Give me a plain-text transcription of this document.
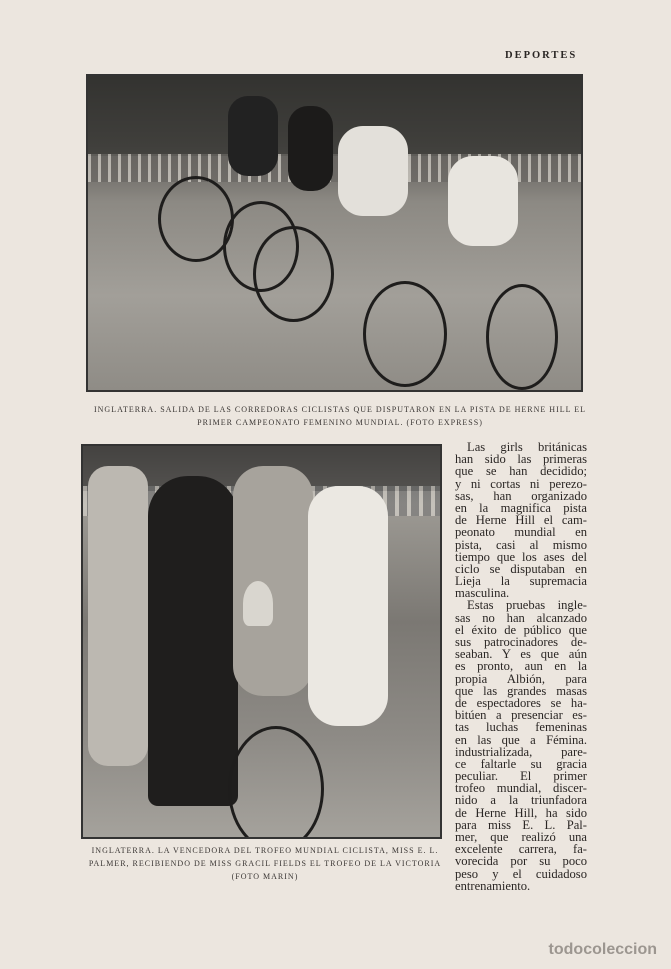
DEPORTES
INGLATERRA. SALIDA DE LAS CORREDORAS CICLISTAS QUE DISPUTARON EN LA PISTA DE HERNE HILL EL PRIMER CAMPEONATO FEMENINO MUNDIAL. (FOTO EXPRESS)
INGLATERRA. LA VENCEDORA DEL TROFEO MUNDIAL CICLISTA, MISS E. L.
PALMER, RECIBIENDO DE MISS GRACIL FIELDS EL TROFEO DE LA VICTORIA
(FOTO MARIN)
Las girls británicas
han sido las primeras
que se han decidido;
y ni cortas ni perezo-
sas, han organizado
en la magnifica pista
de Herne Hill el cam-
peonato mundial en
pista, casi al mismo
tiempo que los ases del
ciclo se disputaban en
Lieja la supremacia
masculina.
Estas pruebas ingle-
sas no han alcanzado
el éxito de público que
sus patrocinadores de-
seaban. Y es que aún
es pronto, aun en la
propia Albión, para
que las grandes masas
de espectadores se ha-
bitúen a presenciar es-
tas luchas femeninas
en las que a Fémina.
industrializada, pare-
ce faltarle su gracia
peculiar. El primer
trofeo mundial, discer-
nido a la triunfadora
de Herne Hill, ha sido
para miss E. L. Pal-
mer, que realizó una
excelente carrera, fa-
vorecida por su poco
peso y el cuidadoso
entrenamiento.
todocoleccion
